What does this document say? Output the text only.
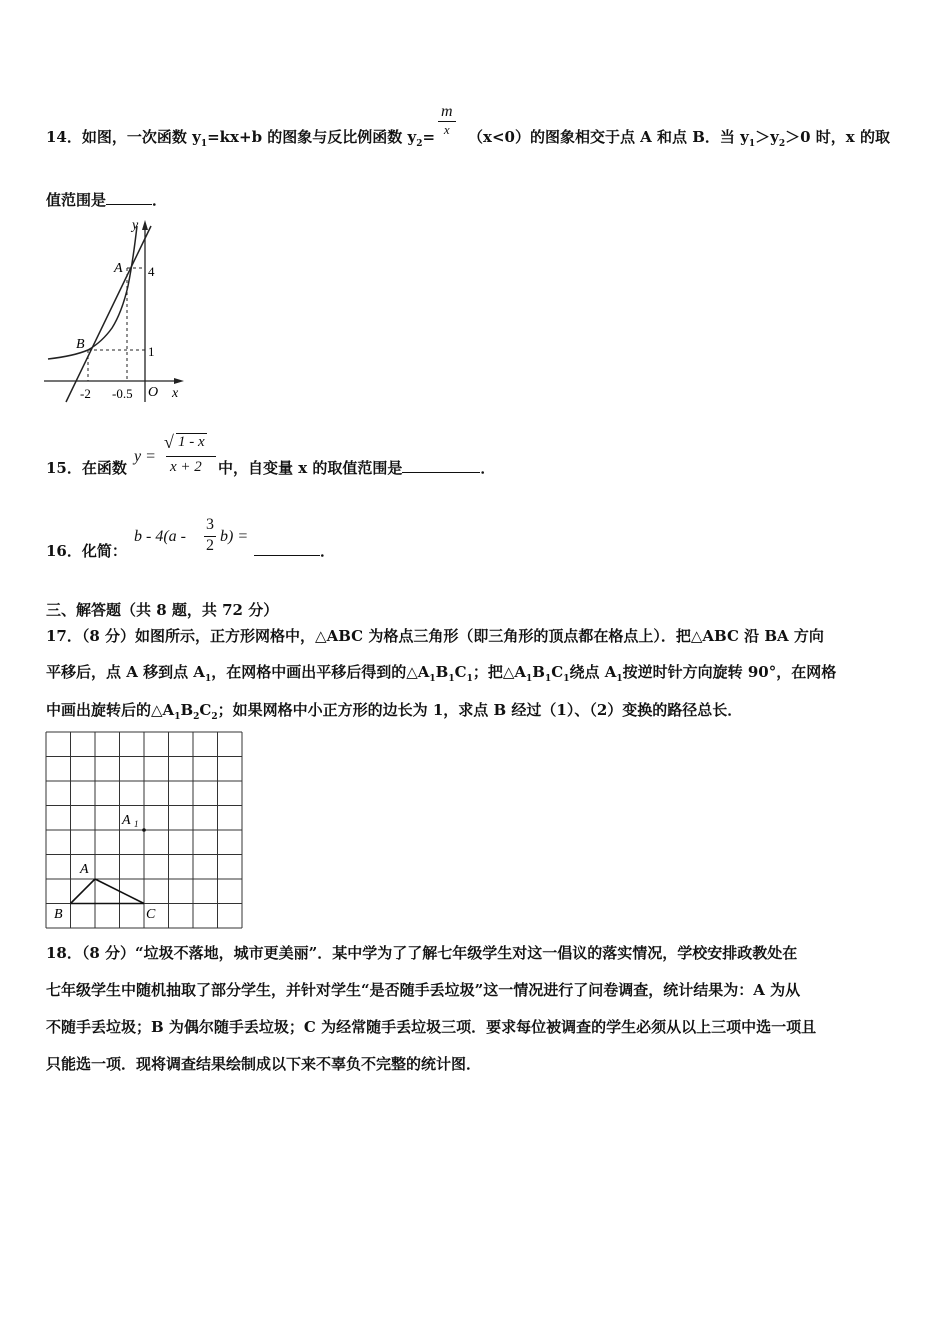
14．如图，一次函数 $y_1=kx+b$ 的图象与反比例函数 $y_2= \frac{m}{x} (x<0)$的图象相交于点 A 和点 B．当 $y_1>y_2>0$ 时，x 的取
值范围是	．
y
x
O
A
B
4
1
-2 -0.5
15．在函数
y =
√ 1 - x
x + 2 中，自变量 x 的取值范围是	．
16．化简：
b - 4(a -
3
2
b) =
．
三、解答题（共 8 题，共 72 分）
17．（8 分）如图所示，正方形网格中，△ABC 为格点三角形（即三角形的顶点都在格点上）．把△ABC 沿 BA 方向
平移后，点 A 移到点 $A_1$，在网格中画出平移后得到的$\triangle A_1B_1C_1$；把$\triangle A_1B_1C_1$绕点 $A_1$按逆时针方向旋转 90°，在网格
中画出旋转后的$\triangle A_1B_2C_2$；如果网格中小正方形的边长为 1，求点 B 经过（1）、（2）变换的路径总长．
A 1
A
B	C
18．（8 分）“垃圾不落地，城市更美丽”．某中学为了了解七年级学生对这一倡议的落实情况，学校安排政教处在
七年级学生中随机抽取了部分学生，并针对学生“是否随手丢垃圾”这一情况进行了问卷调查，统计结果为：A 为从
不随手丢垃圾；B 为偶尔随手丢垃圾；C 为经常随手丢垃圾三项．要求每位被调查的学生必须从以上三项中选一项且
只能选一项．现将调查结果绘制成以下来不辜负不完整的统计图．
